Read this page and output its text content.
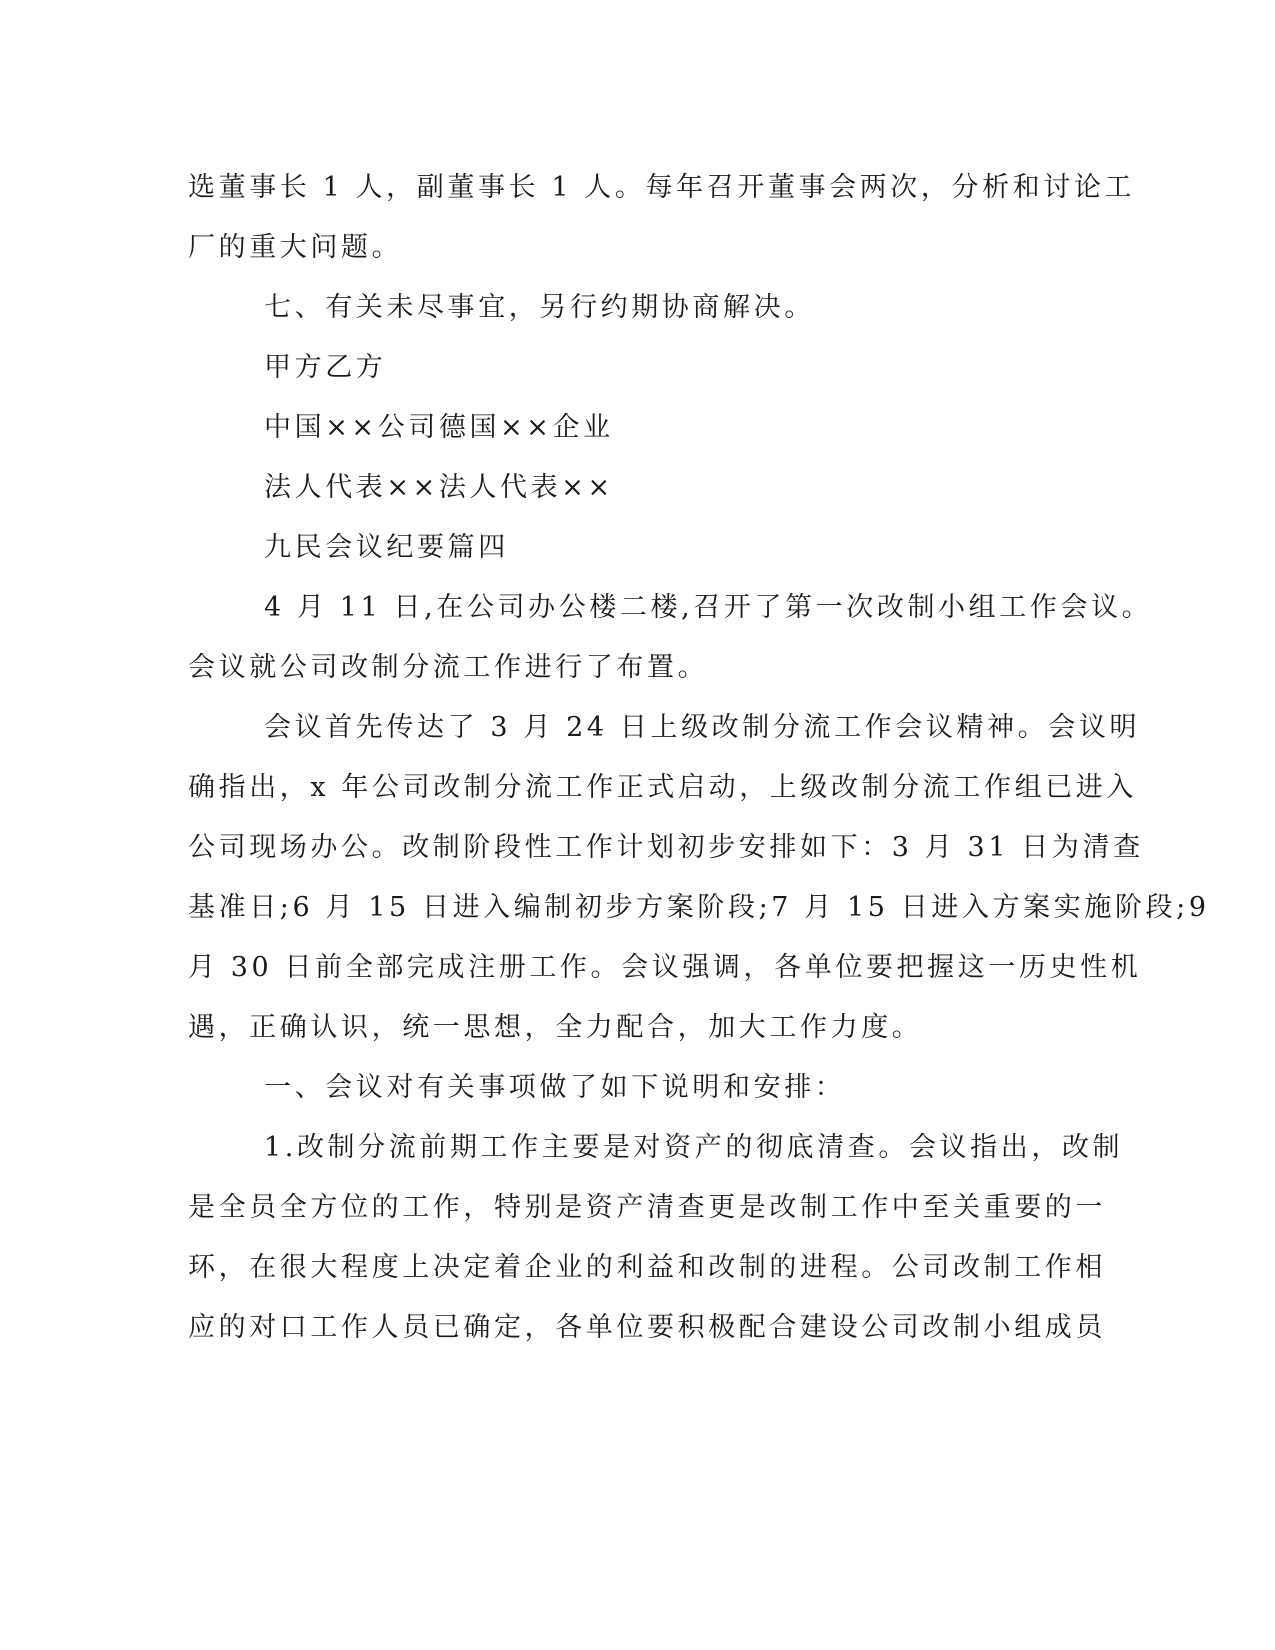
选董事长 1 人，副董事长 1 人。每年召开董事会两次，分析和讨论工
厂的重大问题。
七、有关未尽事宜，另行约期协商解决。
甲方乙方
中国××公司德国××企业
法人代表××法人代表××
九民会议纪要篇四
4 月 11 日,在公司办公楼二楼,召开了第一次改制小组工作会议。
会议就公司改制分流工作进行了布置。
会议首先传达了 3 月 24 日上级改制分流工作会议精神。会议明
确指出，x 年公司改制分流工作正式启动，上级改制分流工作组已进入
公司现场办公。改制阶段性工作计划初步安排如下：3 月 31 日为清查
基准日;6 月 15 日进入编制初步方案阶段;7 月 15 日进入方案实施阶段;9
月 30 日前全部完成注册工作。会议强调，各单位要把握这一历史性机
遇，正确认识，统一思想，全力配合，加大工作力度。
一、会议对有关事项做了如下说明和安排：
1.改制分流前期工作主要是对资产的彻底清查。会议指出，改制
是全员全方位的工作，特别是资产清查更是改制工作中至关重要的一
环，在很大程度上决定着企业的利益和改制的进程。公司改制工作相
应的对口工作人员已确定，各单位要积极配合建设公司改制小组成员
